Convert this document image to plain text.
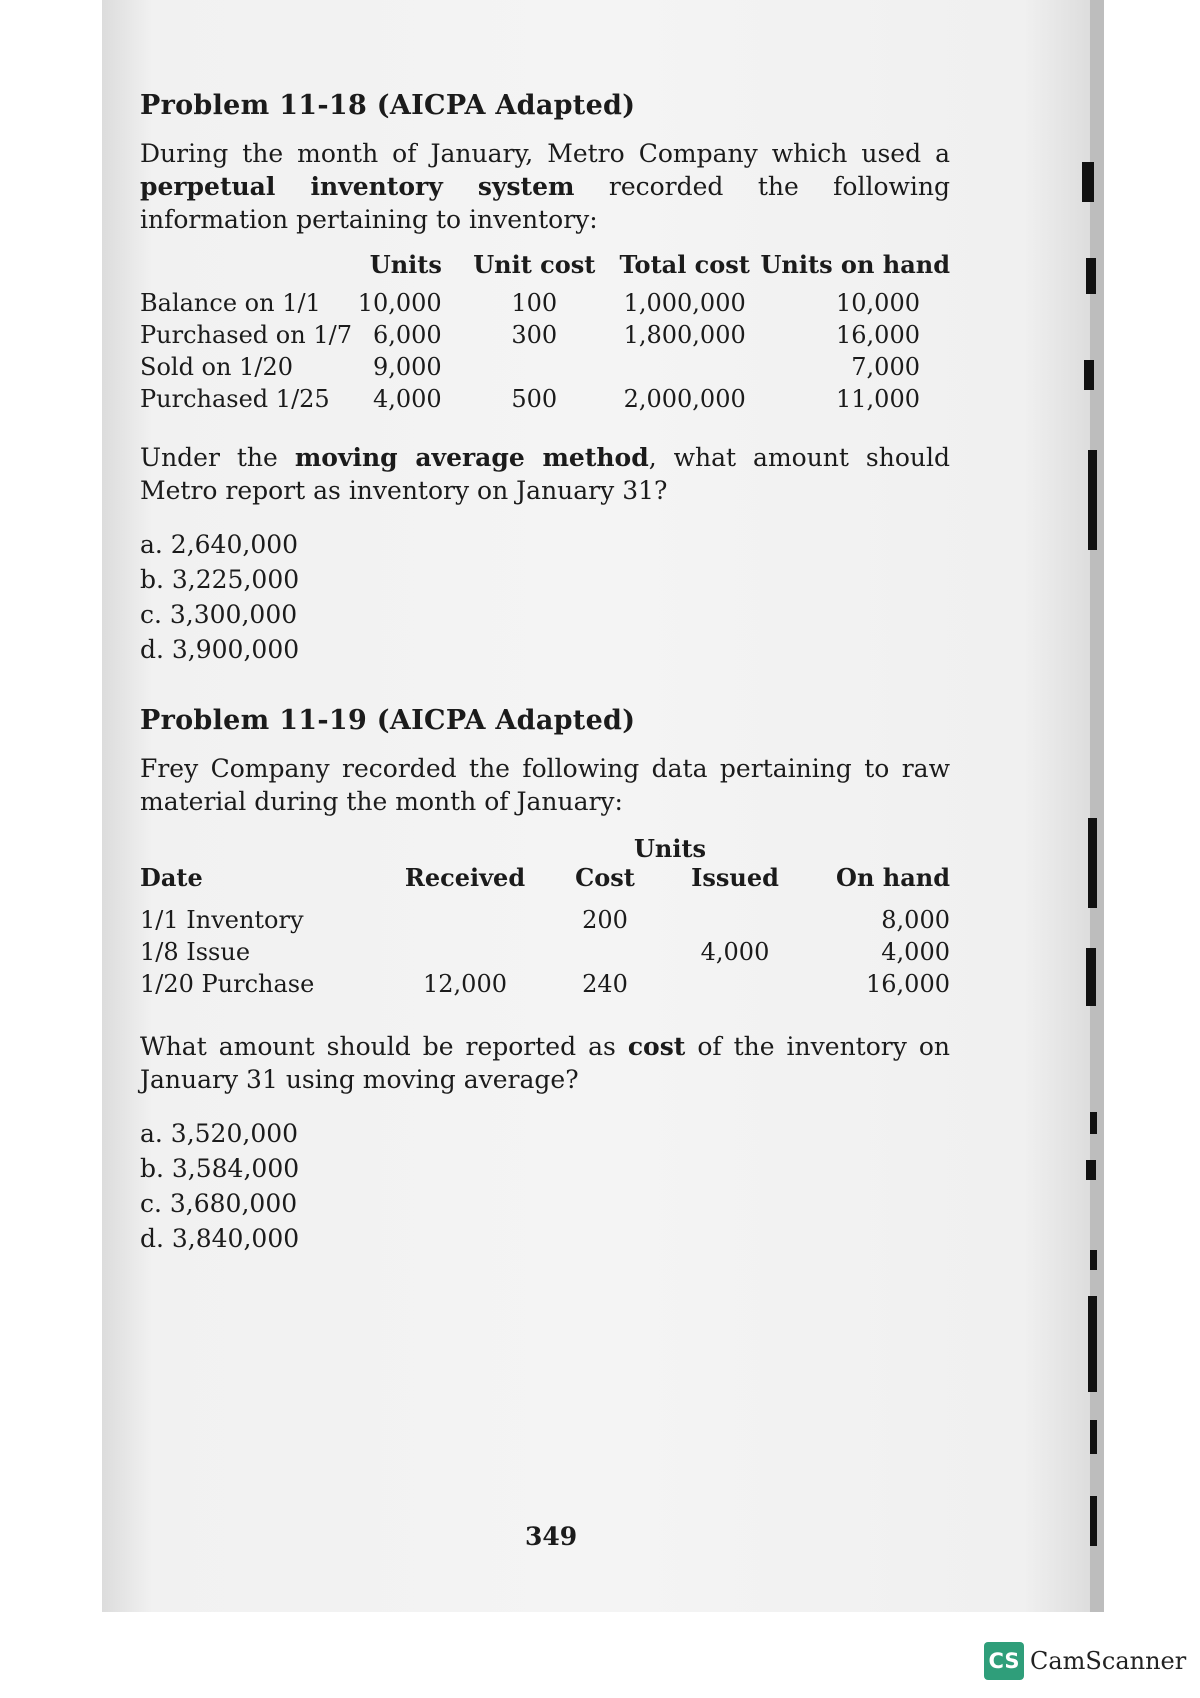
Problem 11-18 (AICPA Adapted)

During the month of January, Metro Company which used a perpetual inventory system recorded the following information pertaining to inventory:

	Units	Unit cost	Total cost	Units on hand
Balance on 1/1	10,000	100	1,000,000	10,000
Purchased on 1/7	6,000	300	1,800,000	16,000
Sold on 1/20	9,000			7,000
Purchased 1/25	4,000	500	2,000,000	11,000

Under the moving average method, what amount should Metro report as inventory on January 31?

a. 2,640,000
b. 3,225,000
c. 3,300,000
d. 3,900,000
Problem 11-19 (AICPA Adapted)

Frey Company recorded the following data pertaining to raw material during the month of January:

		Units		
Date	Received	Cost	Issued	On hand

1/1 Inventory		200		8,000
1/8 Issue			4,000	4,000
1/20 Purchase	12,000	240		16,000

What amount should be reported as cost of the inventory on January 31 using moving average?

a. 3,520,000
b. 3,584,000
c. 3,680,000
d. 3,840,000
349
CS CamScanner
